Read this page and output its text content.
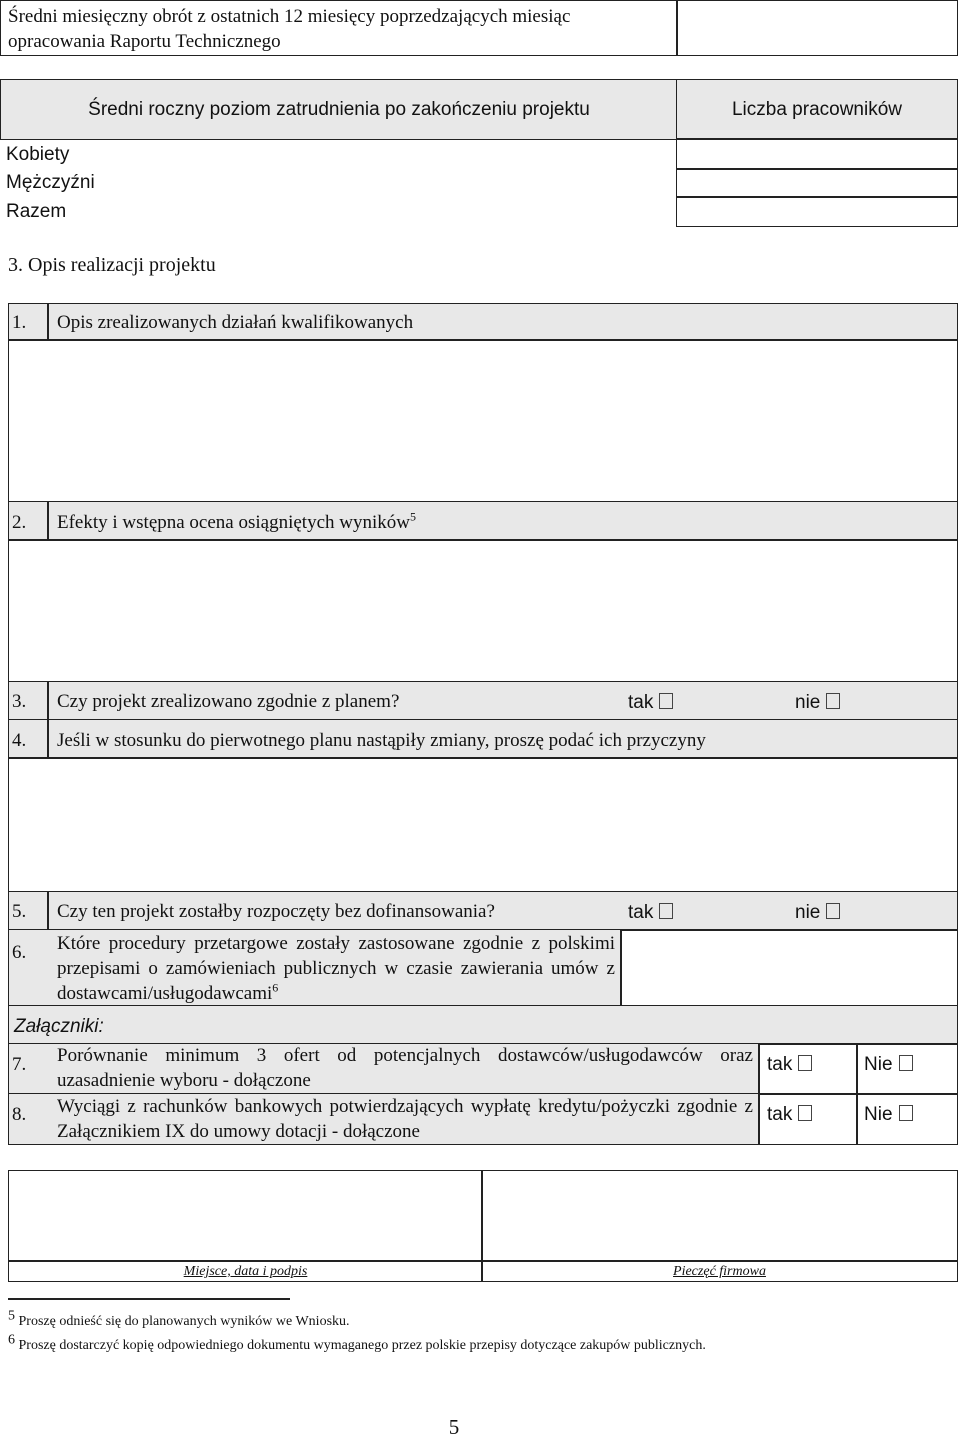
Średni miesięczny obrót z ostatnich 12 miesięcy poprzedzających miesiąc opracowania Raportu Technicznego
Średni roczny poziom zatrudnienia po zakończeniu projektu	Liczba pracowników
Kobiety
Mężczyźni
Razem
3. Opis realizacji projektu
1. Opis zrealizowanych działań kwalifikowanych
2. Efekty i wstępna ocena osiągniętych wyników$^5$
3. Czy projekt zrealizowano zgodnie z planem?	tak	nie
4. Jeśli w stosunku do pierwotnego planu nastąpiły zmiany, proszę podać ich przyczyny
5. Czy ten projekt zostałby rozpoczęty bez dofinansowania?	tak	nie
6. Które procedury przetargowe zostały zastosowane zgodnie z polskimi przepisami o zamówieniach publicznych w czasie zawierania umów z dostawcami/usługodawcami$^6$
Załączniki:
7. Porównanie minimum 3 ofert od potencjalnych dostawców/usługodawców oraz uzasadnienie wyboru - dołączone
tak	Nie
8. Wyciągi z rachunków bankowych potwierdzających wypłatę kredytu/pożyczki zgodnie z Załącznikiem IX do umowy dotacji - dołączone
tak	Nie
Miejsce, data i podpis	Pieczęć firmowa
5 Proszę odnieść się do planowanych wyników we Wniosku.
6 Proszę dostarczyć kopię odpowiedniego dokumentu wymaganego przez polskie przepisy dotyczące zakupów publicznych.
5
